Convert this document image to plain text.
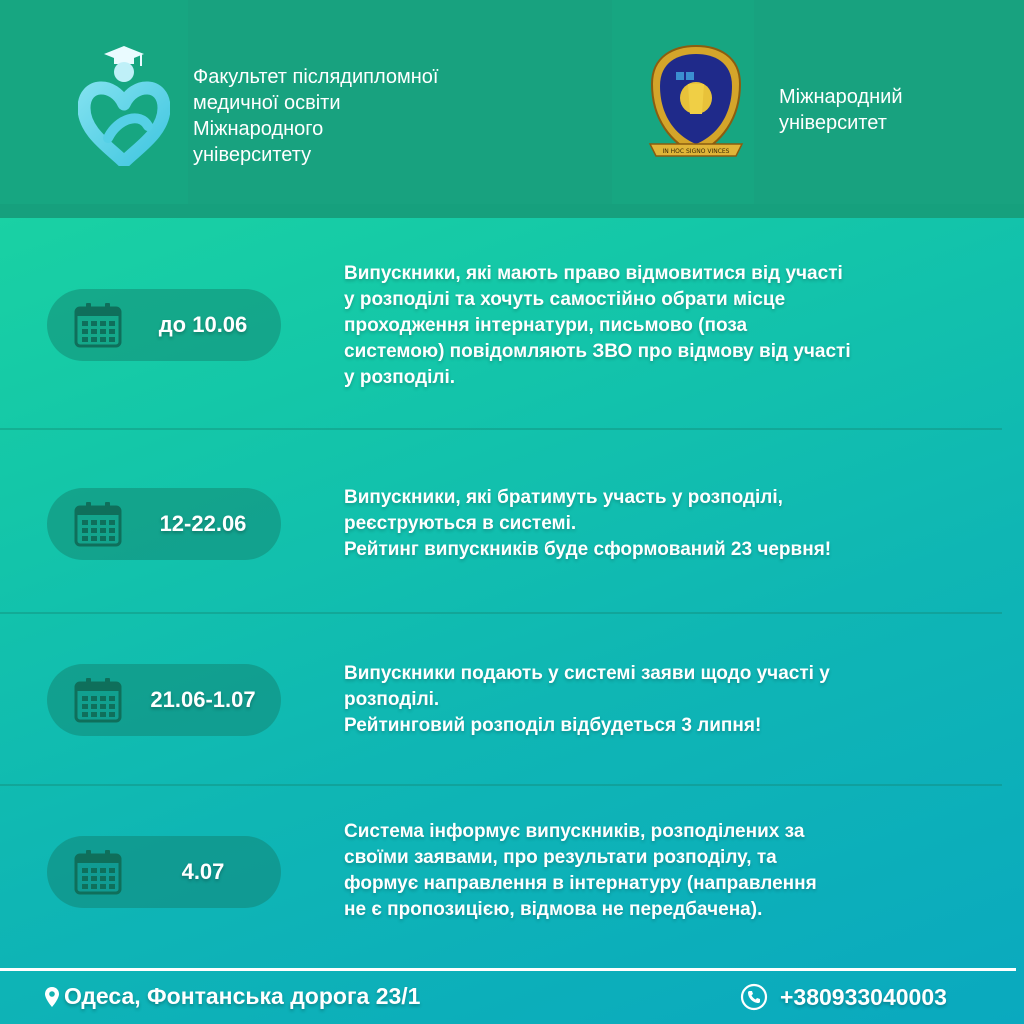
Факультет післядипломної
медичної освіти
Міжнародного
університету	IN HOC SIGNO VINCES
Міжнародний
університет
до 10.06
Випускники, які мають право відмовитися від участі
у розподілі та хочуть самостійно обрати місце
проходження інтернатури, письмово (поза
системою) повідомляють ЗВО про відмову від участі
у розподілі.
12-22.06
Випускники, які братимуть участь у розподілі,
реєструються в системі.
Рейтинг випускників буде сформований 23 червня!
21.06-1.07
Випускники подають у системі заяви щодо участі у
розподілі.
Рейтинговий розподіл відбудеться 3 липня!
4.07
Система інформує випускників, розподілених за
своїми заявами, про результати розподілу, та
формує направлення в інтернатуру (направлення
не є пропозицією, відмова не передбачена).
Одеса, Фонтанська дорога 23/1	+380933040003
